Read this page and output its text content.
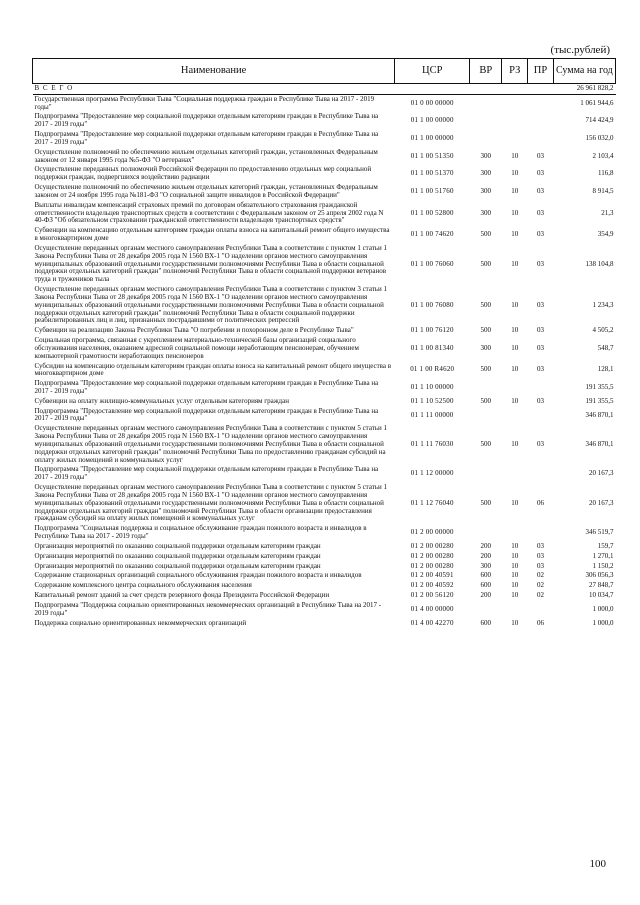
(тыс.рублей)
Наименование	ЦСР	ВР	РЗ	ПР	Сумма на год
В С Е Г О					26 961 828,2
Государственная программа Республики Тыва "Социальная поддержка граждан в Республике Тыва на 2017 - 2019 годы"	01 0 00 00000				1 061 944,6
Подпрограмма "Предоставление мер социальной поддержки отдельным категориям граждан в Республике Тыва на 2017 - 2019 годы"	01 1 00 00000				714 424,9
Подпрограмма "Предоставление мер социальной поддержки отдельным категориям граждан в Республике Тыва на 2017 - 2019 годы"	01 1 00 00000				156 032,0
Осуществление полномочий по обеспечению жильем отдельных категорий граждан, установленных Федеральным законом от 12 января 1995 года №5-ФЗ "О ветеранах"	01 1 00 51350	300	10	03	2 103,4
Осуществление переданных полномочий Российской Федерации по предоставлению отдельных мер социальной поддержки граждан, подвергшихся воздействию радиации	01 1 00 51370	300	10	03	116,8
Осуществление полномочий по обеспечению жильем отдельных категорий граждан, установленных Федеральным законом от 24 ноября 1995 года №181-ФЗ "О социальной защите инвалидов в Российской Федерации"	01 1 00 51760	300	10	03	8 914,5
Выплаты инвалидам компенсаций страховых премий по договорам обязательного страхования гражданской ответственности владельцев транспортных средств в соответствии с Федеральным законом от 25 апреля 2002 года N 40-ФЗ "Об обязательном страховании гражданской ответственности владельцев транспортных средств"	01 1 00 52800	300	10	03	21,3
Субвенции на компенсацию отдельным категориям граждан оплаты взноса на капитальный ремонт общего имущества в многоквартирном доме	01 1 00 74620	500	10	03	354,9
Осуществление переданных органам местного самоуправления Республики Тыва в соответствии с пунктом 1 статьи 1 Закона Республики Тыва от 28 декабря 2005 года N 1560 ВХ-1 "О наделении органов местного самоуправления муниципальных образований отдельными государственными полномочиями Республики Тыва в области социальной поддержки отдельных категорий граждан" полномочий Республики Тыва в области социальной поддержки ветеранов труда и тружеников тыла	01 1 00 76060	500	10	03	138 104,8
Осуществление переданных органам местного самоуправления Республики Тыва в соответствии с пунктом 3 статьи 1 Закона Республики Тыва от 28 декабря 2005 года N 1560 ВХ-1 "О наделении органов местного самоуправления муниципальных образований отдельными государственными полномочиями Республики Тыва в области социальной поддержки отдельных категорий граждан" полномочий Республики Тыва в области социальной поддержки реабилитированных лиц и лиц, признанных пострадавшими от политических репрессий	01 1 00 76080	500	10	03	1 234,3
Субвенции на реализацию Закона Республики Тыва "О погребении и похоронном деле в Республике Тыва"	01 1 00 76120	500	10	03	4 505,2
Социальная программа, связанная с укреплением материально-технической базы организаций социального обслуживания населения, оказанием адресной социальной помощи неработающим пенсионерам, обучением компьютерной грамотности неработающих пенсионеров	01 1 00 81340	300	10	03	548,7
Субсидии на компенсацию отдельным категориям граждан оплаты взноса на капитальный ремонт общего имущества в многоквартирном доме	01 1 00 R4620	500	10	03	128,1
Подпрограмма "Предоставление мер социальной поддержки отдельным категориям граждан в Республике Тыва на 2017 - 2019 годы"	01 1 10 00000				191 355,5
Субвенции на оплату жилищно-коммунальных услуг отдельным категориям граждан	01 1 10 52500	500	10	03	191 355,5
Подпрограмма "Предоставление мер социальной поддержки отдельным категориям граждан в Республике Тыва на 2017 - 2019 годы"	01 1 11 00000				346 870,1
Осуществление переданных органам местного самоуправления Республики Тыва в соответствии с пунктом 5 статьи 1 Закона Республики Тыва от 28 декабря 2005 года N 1560 ВХ-1 "О наделении органов местного самоуправления муниципальных образований отдельными государственными полномочиями Республики Тыва в области социальной поддержки отдельных категорий граждан" полномочий Республики Тыва по предоставлению гражданам субсидий на оплату жилых помещений и коммунальных услуг	01 1 11 76030	500	10	03	346 870,1
Подпрограмма "Предоставление мер социальной поддержки отдельным категориям граждан в Республике Тыва на 2017 - 2019 годы"	01 1 12 00000				20 167,3
Осуществление переданных органам местного самоуправления Республики Тыва в соответствии с пунктом 5 статьи 1 Закона Республики Тыва от 28 декабря 2005 года N 1560 ВХ-1 "О наделении органов местного самоуправления муниципальных образований отдельными государственными полномочиями Республики Тыва в области социальной поддержки отдельных категорий граждан" полномочий Республики Тыва в области организации предоставления гражданам субсидий на оплату жилых помещений и коммунальных услуг	01 1 12 76040	500	10	06	20 167,3
Подпрограмма "Социальная поддержка и социальное обслуживание граждан пожилого возраста и инвалидов в Республике Тыва на 2017 - 2019 годы"	01 2 00 00000				346 519,7
Организация мероприятий по оказанию социальной поддержки отдельным категориям граждан	01 2 00 00280	200	10	03	159,7
Организация мероприятий по оказанию социальной поддержки отдельным категориям граждан	01 2 00 00280	200	10	03	1 270,1
Организация мероприятий по оказанию социальной поддержки отдельным категориям граждан	01 2 00 00280	300	10	03	1 150,2
Содержание стационарных организаций социального обслуживания граждан пожилого возраста и инвалидов	01 2 00 40591	600	10	02	306 056,3
Содержание комплексного центра социального обслуживания населения	01 2 00 40592	600	10	02	27 848,7
Капитальный ремонт зданий за счет средств резервного фонда Президента Российской Федерации	01 2 00 56120	200	10	02	10 034,7
Подпрограмма "Поддержка социально ориентированных некоммерческих организаций в Республике Тыва на 2017 - 2019 годы"	01 4 00 00000				1 000,0
Поддержка социально ориентированных некоммерческих организаций	01 4 00 42270	600	10	06	1 000,0
100
